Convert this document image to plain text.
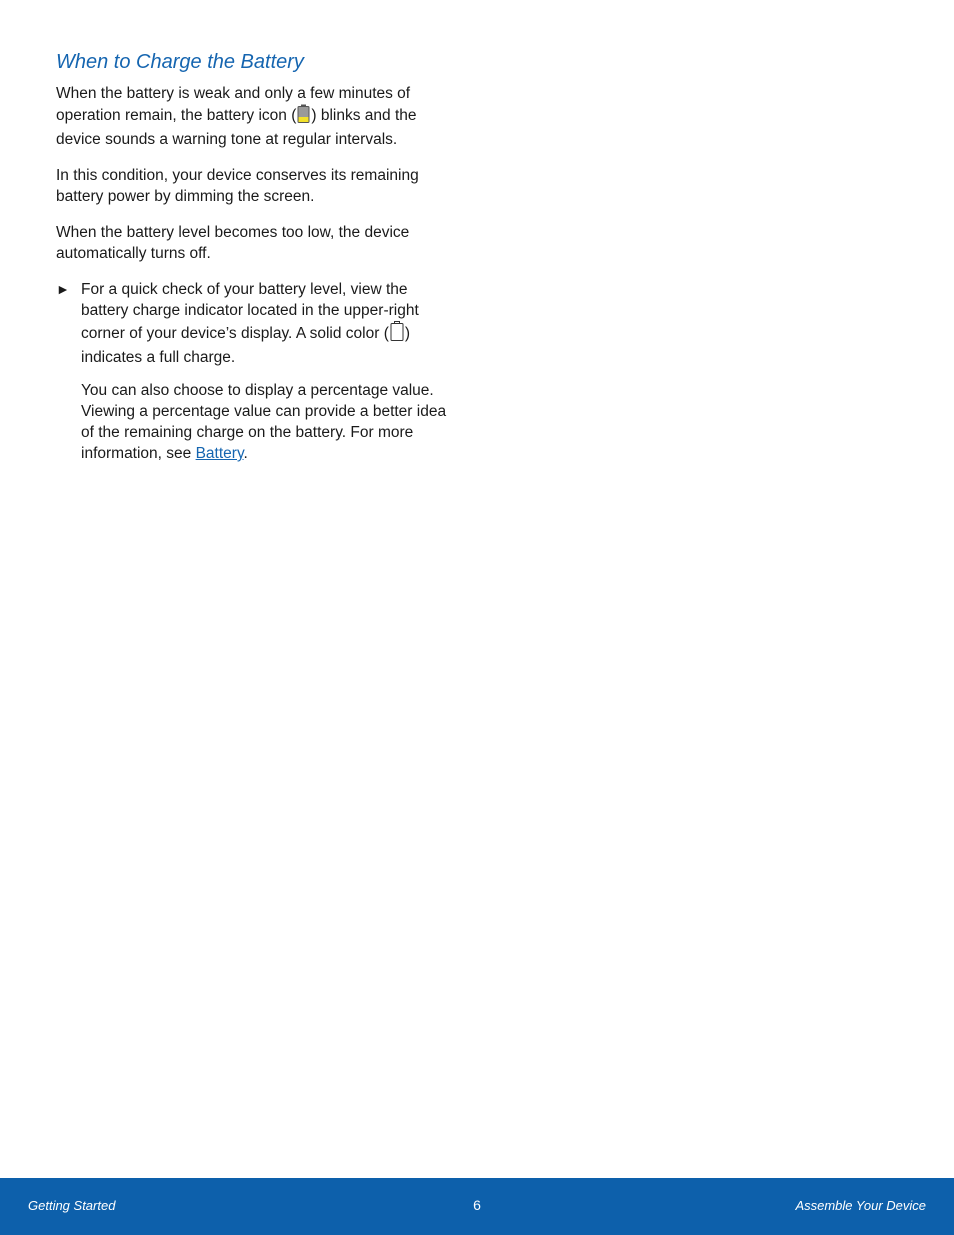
When to Charge the Battery

When the battery is weak and only a few minutes of operation remain, the battery icon ( ) blinks and the device sounds a warning tone at regular intervals.

In this condition, your device conserves its remaining battery power by dimming the screen.

When the battery level becomes too low, the device automatically turns off.

► For a quick check of your battery level, view the battery charge indicator located in the upper-right corner of your device’s display. A solid color ( ) indicates a full charge.

You can also choose to display a percentage value. Viewing a percentage value can provide a better idea of the remaining charge on the battery. For more information, see Battery.

Getting Started	6	Assemble Your Device
